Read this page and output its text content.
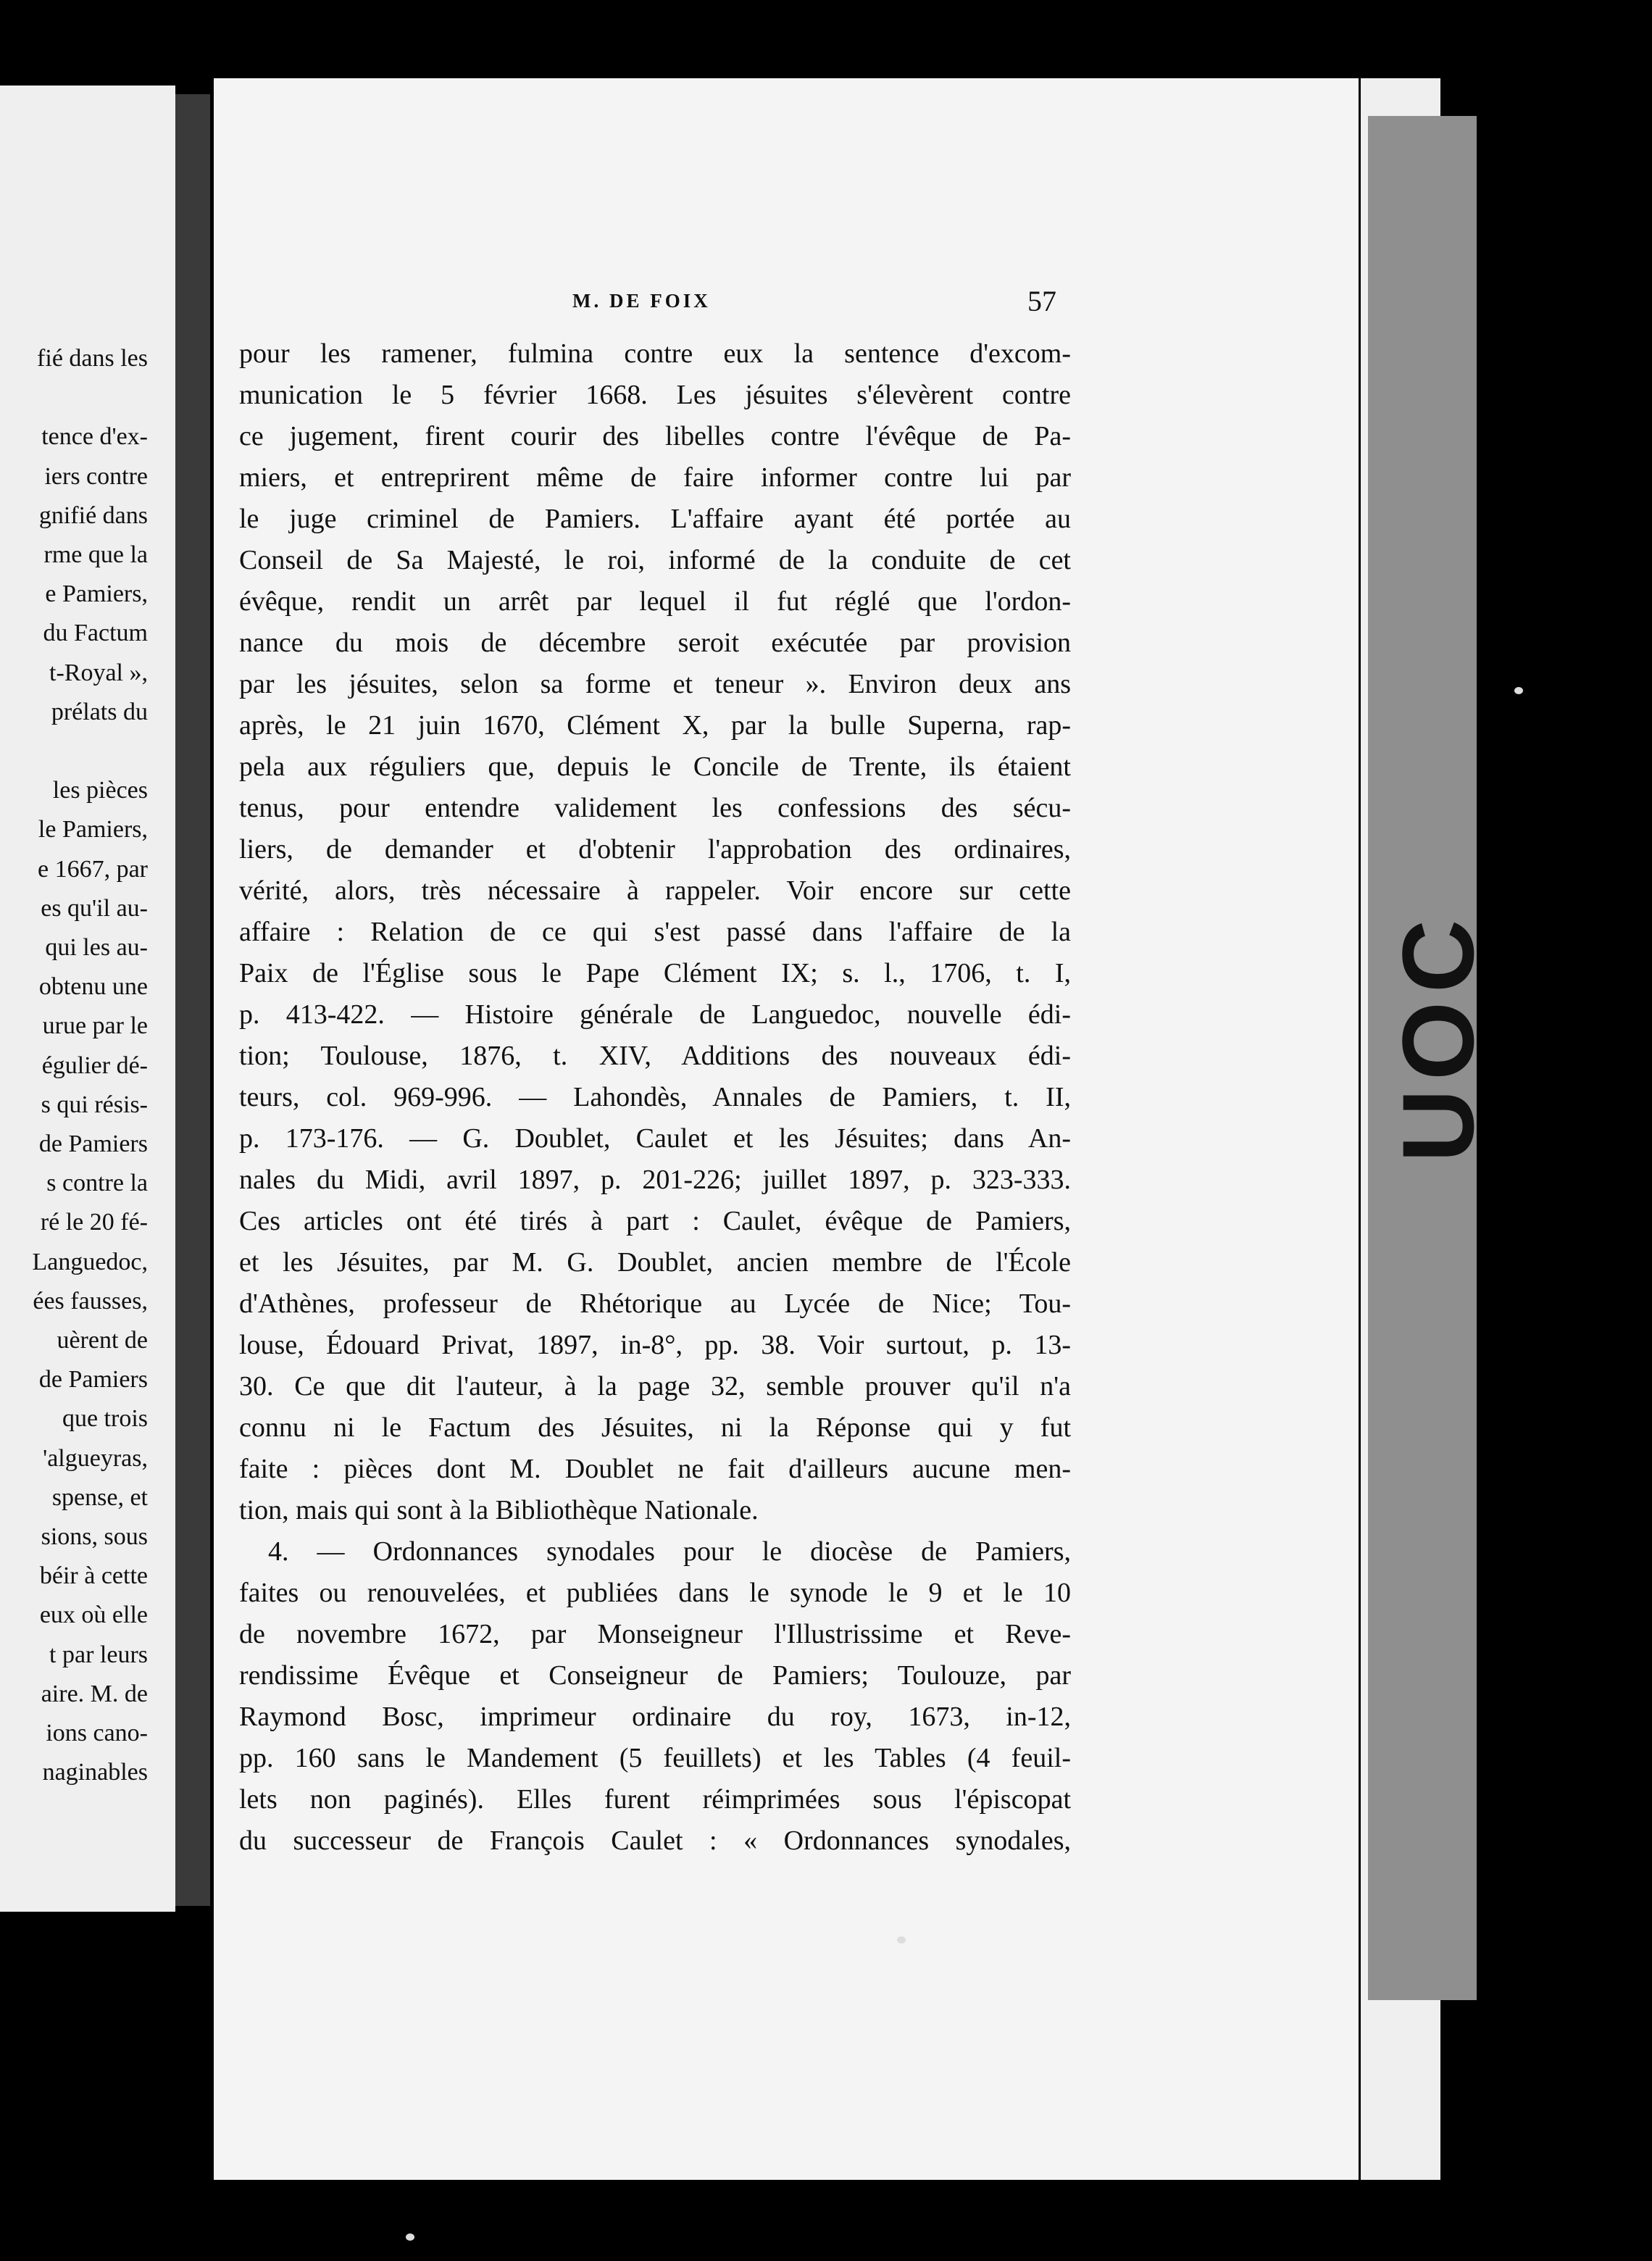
fié dans les
tence d'ex-
iers contre
gnifié dans
rme que la
e Pamiers,
du Factum
t-Royal »,
prélats du
les pièces
le Pamiers,
e 1667, par
es qu'il au-
qui les au-
obtenu une
urue par le
égulier dé-
s qui résis-
de Pamiers
s contre la
ré le 20 fé-
Languedoc,
ées fausses,
uèrent de
de Pamiers
que trois
'algueyras,
spense, et
sions, sous
béir à cette
eux où elle
t par leurs
aire. M. de
ions cano-
naginables
UOC
M. DE FOIX	57
pour les ramener, fulmina contre eux la sentence d'excom-
munication le 5 février 1668. Les jésuites s'élevèrent contre
ce jugement, firent courir des libelles contre l'évêque de Pa-
miers, et entreprirent même de faire informer contre lui par
le juge criminel de Pamiers. L'affaire ayant été portée au
Conseil de Sa Majesté, le roi, informé de la conduite de cet
évêque, rendit un arrêt par lequel il fut réglé que l'ordon-
nance du mois de décembre seroit exécutée par provision
par les jésuites, selon sa forme et teneur ». Environ deux ans
après, le 21 juin 1670, Clément X, par la bulle Superna, rap-
pela aux réguliers que, depuis le Concile de Trente, ils étaient
tenus, pour entendre validement les confessions des sécu-
liers, de demander et d'obtenir l'approbation des ordinaires,
vérité, alors, très nécessaire à rappeler. Voir encore sur cette
affaire : Relation de ce qui s'est passé dans l'affaire de la
Paix de l'Église sous le Pape Clément IX; s. l., 1706, t. I,
p. 413-422. — Histoire générale de Languedoc, nouvelle édi-
tion; Toulouse, 1876, t. XIV, Additions des nouveaux édi-
teurs, col. 969-996. — Lahondès, Annales de Pamiers, t. II,
p. 173-176. — G. Doublet, Caulet et les Jésuites; dans An-
nales du Midi, avril 1897, p. 201-226; juillet 1897, p. 323-333.
Ces articles ont été tirés à part : Caulet, évêque de Pamiers,
et les Jésuites, par M. G. Doublet, ancien membre de l'École
d'Athènes, professeur de Rhétorique au Lycée de Nice; Tou-
louse, Édouard Privat, 1897, in-8°, pp. 38. Voir surtout, p. 13-
30. Ce que dit l'auteur, à la page 32, semble prouver qu'il n'a
connu ni le Factum des Jésuites, ni la Réponse qui y fut
faite : pièces dont M. Doublet ne fait d'ailleurs aucune men-
tion, mais qui sont à la Bibliothèque Nationale.
4. — Ordonnances synodales pour le diocèse de Pamiers,
faites ou renouvelées, et publiées dans le synode le 9 et le 10
de novembre 1672, par Monseigneur l'Illustrissime et Reve-
rendissime Évêque et Conseigneur de Pamiers; Toulouze, par
Raymond Bosc, imprimeur ordinaire du roy, 1673, in-12,
pp. 160 sans le Mandement (5 feuillets) et les Tables (4 feuil-
lets non paginés). Elles furent réimprimées sous l'épiscopat
du successeur de François Caulet : « Ordonnances synodales,
